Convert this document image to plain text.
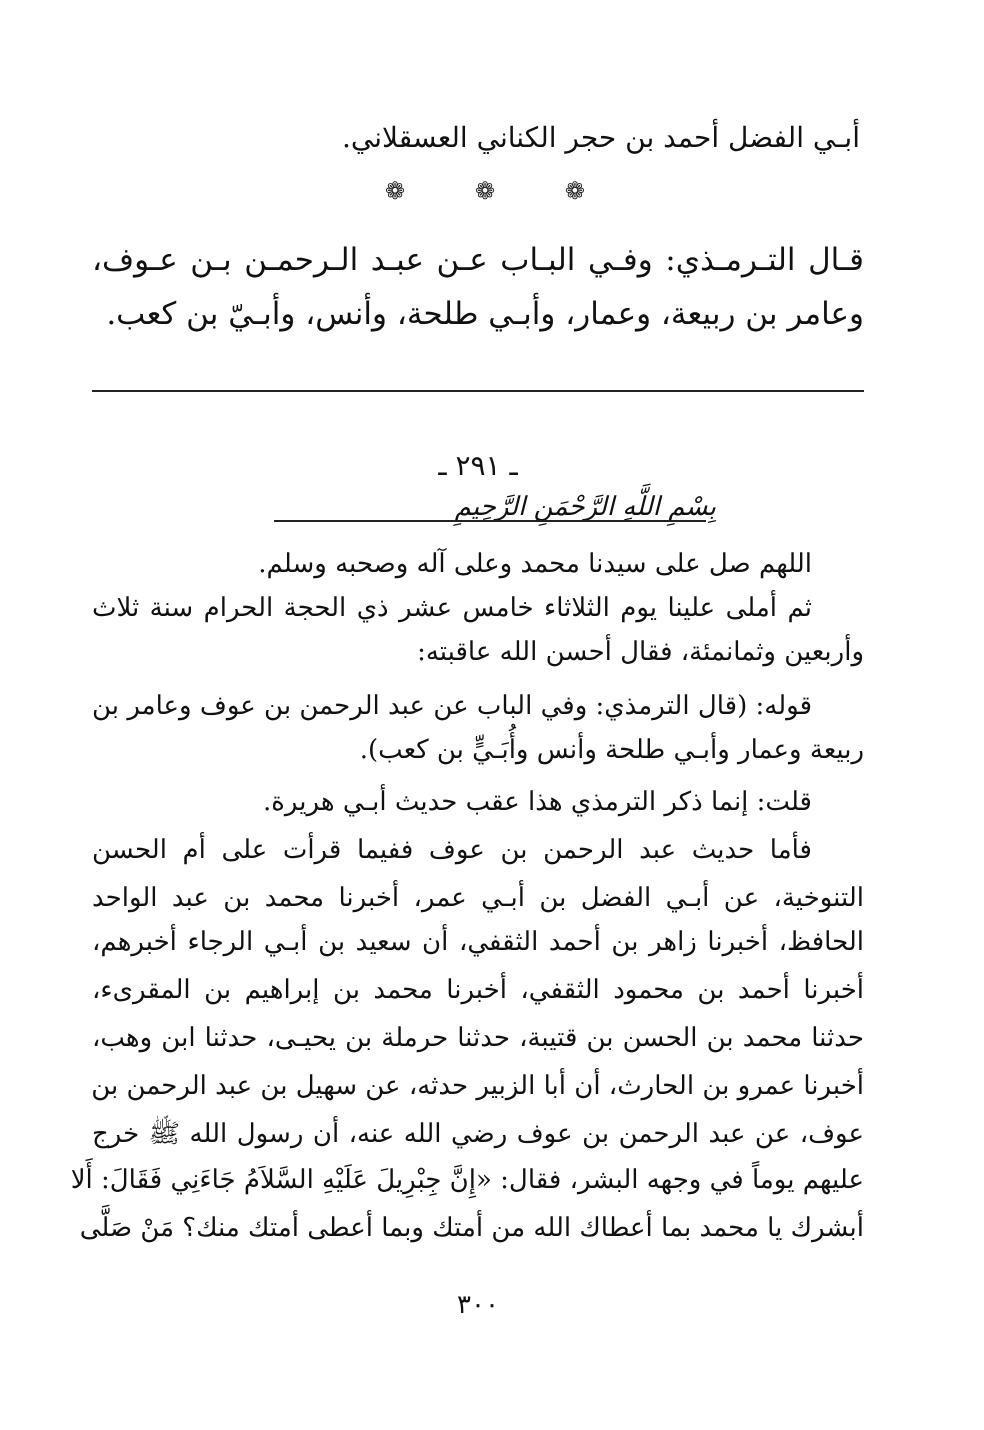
أبـي الفضل أحمد بن حجر الكناني العسقلاني.

❁	❁	❁

قـال التـرمـذي: وفـي البـاب عـن عبـد الـرحمـن بـن عـوف،

وعامر بن ربيعة، وعمار، وأبـي طلحة، وأنس، وأبـيّ بن كعب.

ـ ٢٩١ ـ
بِسْمِ اللَّهِ الرَّحْمَنِ الرَّحِيمِ

اللهم صل على سيدنا محمد وعلى آله وصحبه وسلم.

ثم أملى علينا يوم الثلاثاء خامس عشر ذي الحجة الحرام سنة ثلاث

وأربعين وثمانمئة، فقال أحسن الله عاقبته:

قوله: (قال الترمذي: وفي الباب عن عبد الرحمن بن عوف وعامر بن

ربيعة وعمار وأبـي طلحة وأنس وأُبَـيٍّ بن كعب).

قلت: إنما ذكر الترمذي هذا عقب حديث أبـي هريرة.

فأما حديث عبد الرحمن بن عوف ففيما قرأت على أم الحسن

التنوخية، عن أبـي الفضل بن أبـي عمر، أخبرنا محمد بن عبد الواحد

الحافظ، أخبرنا زاهر بن أحمد الثقفي، أن سعيد بن أبـي الرجاء أخبرهم،

أخبرنا أحمد بن محمود الثقفي، أخبرنا محمد بن إبراهيم بن المقرىء،

حدثنا محمد بن الحسن بن قتيبة، حدثنا حرملة بن يحيـى، حدثنا ابن وهب،

أخبرنا عمرو بن الحارث، أن أبا الزبير حدثه، عن سهيل بن عبد الرحمن بن

عوف، عن عبد الرحمن بن عوف رضي الله عنه، أن رسول الله ﷺ خرج

عليهم يوماً في وجهه البشر، فقال: «إِنَّ جِبْرِيلَ عَلَيْهِ السَّلاَمُ جَاءَنِي فَقَالَ: أَلا

أبشرك يا محمد بما أعطاك الله من أمتك وبما أعطى أمتك منك؟ مَنْ صَلَّى

٣٠٠
